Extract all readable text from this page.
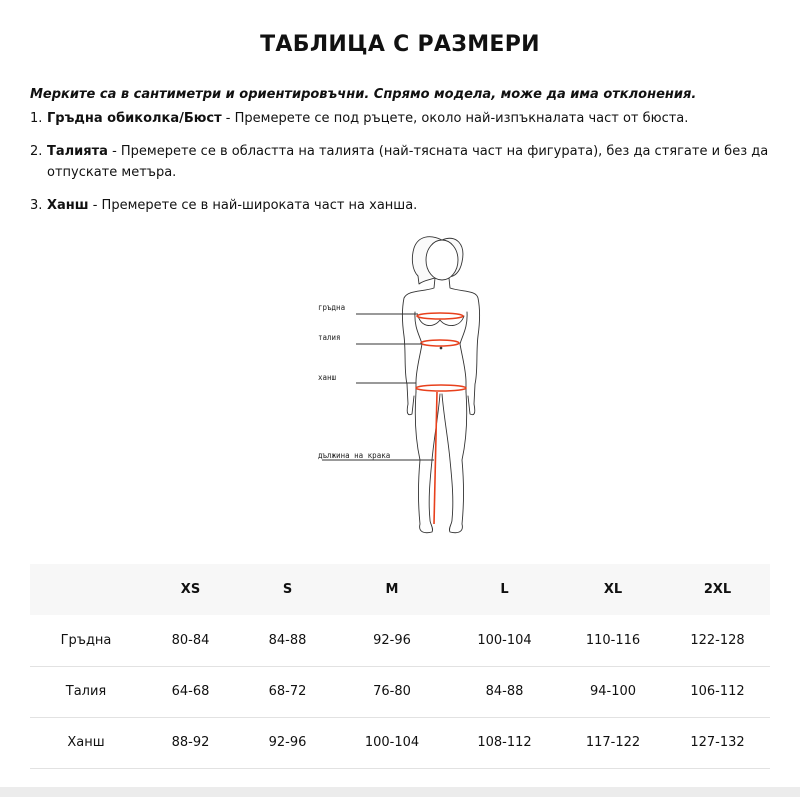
ТАБЛИЦА С РАЗМЕРИ
Мерките са в сантиметри и ориентировъчни. Спрямо модела, може да има отклонения.
1. Гръдна обиколка/Бюст - Премерете се под ръцете, около най-изпъкналата част от бюста.
2. Талията - Премерете се в областта на талията (най-тясната част на фигурата), без да стягате и без да отпускате метъра.
3. Ханш - Премерете се в най-широката част на ханша.
гръдна
талия
ханш
дължина на крака
	XS	S	M	L	XL	2XL
Гръдна	80-84	84-88	92-96	100-104	110-116	122-128
Талия	64-68	68-72	76-80	84-88	94-100	106-112
Ханш	88-92	92-96	100-104	108-112	117-122	127-132
